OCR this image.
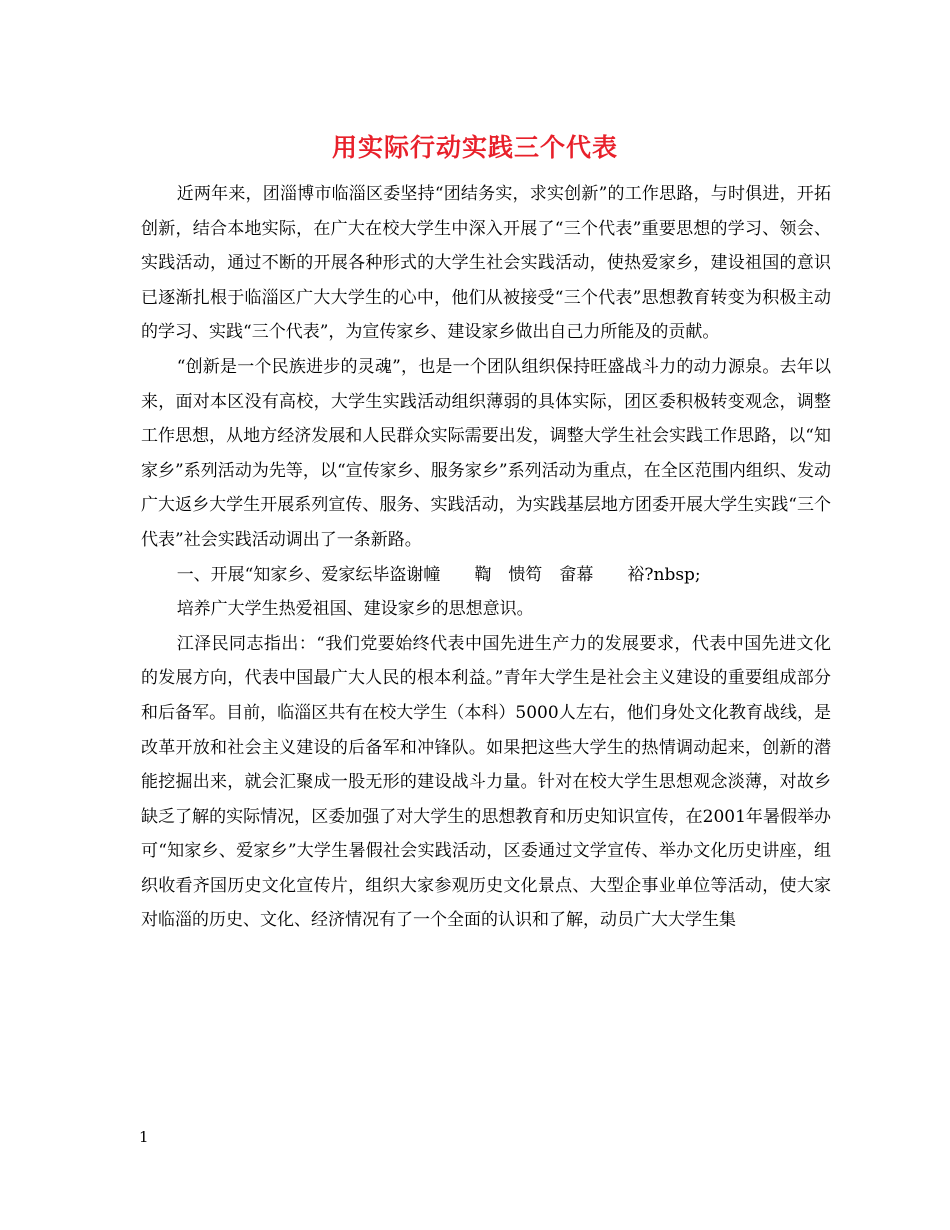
用实际行动实践三个代表

近两年来，团淄博市临淄区委坚持“团结务实，求实创新”的工作思路，与时俱进，开拓创新，结合本地实际，在广大在校大学生中深入开展了“三个代表”重要思想的学习、领会、实践活动，通过不断的开展各种形式的大学生社会实践活动，使热爱家乡，建设祖国的意识已逐渐扎根于临淄区广大大学生的心中，他们从被接受“三个代表”思想教育转变为积极主动的学习、实践“三个代表”，为宣传家乡、建设家乡做出自己力所能及的贡献。

“创新是一个民族进步的灵魂”，也是一个团队组织保持旺盛战斗力的动力源泉。去年以来，面对本区没有高校，大学生实践活动组织薄弱的具体实际，团区委积极转变观念，调整工作思想，从地方经济发展和人民群众实际需要出发，调整大学生社会实践工作思路，以“知家乡”系列活动为先等，以“宣传家乡、服务家乡”系列活动为重点，在全区范围内组织、发动广大返乡大学生开展系列宣传、服务、实践活动，为实践基层地方团委开展大学生实践“三个代表”社会实践活动调出了一条新路。

一、开展“知家乡、爱家纭毕盗谢幢　　鞫　愦笱　畲幕　　裕?nbsp;

培养广大学生热爱祖国、建设家乡的思想意识。

江泽民同志指出：“我们党要始终代表中国先进生产力的发展要求，代表中国先进文化的发展方向，代表中国最广大人民的根本利益。”青年大学生是社会主义建设的重要组成部分和后备军。目前，临淄区共有在校大学生（本科）5000人左右，他们身处文化教育战线，是改革开放和社会主义建设的后备军和冲锋队。如果把这些大学生的热情调动起来，创新的潜能挖掘出来，就会汇聚成一股无形的建设战斗力量。针对在校大学生思想观念淡薄，对故乡缺乏了解的实际情况，区委加强了对大学生的思想教育和历史知识宣传，在2001年暑假举办可“知家乡、爱家乡”大学生暑假社会实践活动，区委通过文学宣传、举办文化历史讲座，组织收看齐国历史文化宣传片，组织大家参观历史文化景点、大型企事业单位等活动，使大家对临淄的历史、文化、经济情况有了一个全面的认识和了解，动员广大大学生集

1
